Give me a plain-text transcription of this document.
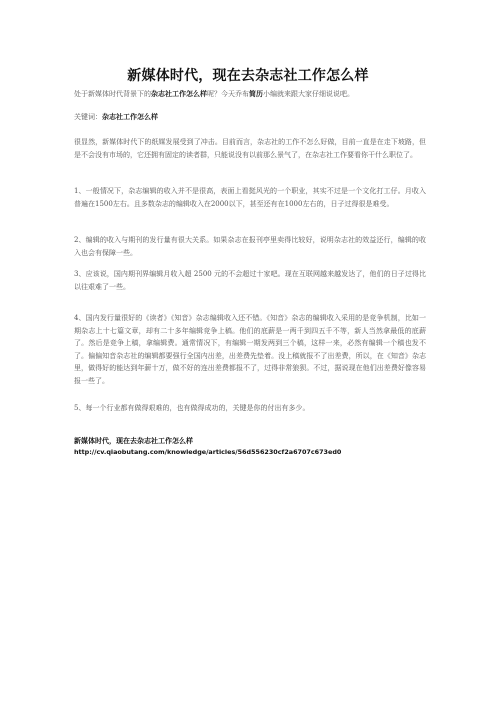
新媒体时代，现在去杂志社工作怎么样
处于新媒体时代背景下的杂志社工作怎么样呢？今天乔布简历小编就来跟大家仔细说说吧。
关键词：杂志社工作怎么样

很显然，新媒体时代下的纸媒发展受到了冲击。目前而言，杂志社的工作不怎么好做，目前一直是在走下坡路，但是不会没有市场的，它还拥有固定的读者群，只能说没有以前那么景气了，在杂志社工作要看你干什么职位了。

1、一般情况下，杂志编辑的收入并不是很高，表面上看挺风光的一个职业，其实不过是一个文化打工仔。月收入普遍在1500左右。且多数杂志的编辑收入在2000以下，甚至还有在1000左右的，日子过得很是难受。

2、编辑的收入与期刊的发行量有很大关系。如果杂志在报刊亭里卖得比较好，说明杂志社的效益还行，编辑的收入也会有保障一些。

3、应该说，国内期刊界编辑月收入超 2500 元的不会超过十家吧。现在互联网越来越发达了，他们的日子过得比以往艰难了一些。

4、国内发行量很好的《读者》《知音》杂志编辑收入还不错。《知音》杂志的编辑收入采用的是竞争机制，比如一期杂志上十七篇文章，却有二十多年编辑竞争上稿。他们的底薪是一两千到四五千不等，新人当然拿最低的底薪了。然后是竞争上稿，拿编辑费。通常情况下，有编辑一期发两到三个稿，这样一来，必然有编辑一个稿也发不了。偏偏知音杂志社的编辑都要强行全国内出差，出差费先垫着。没上稿就报不了出差费，所以，在《知音》杂志里，做得好的能达到年薪十万，做不好的连出差费都报不了，过得非常狼狈。不过，据说现在他们出差费好像容易报一些了。

5、每一个行业都有做得艰难的，也有做得成功的，关键是你的付出有多少。

新媒体时代，现在去杂志社工作怎么样
http://cv.qiaobutang.com/knowledge/articles/56d556230cf2a6707c673ed0
